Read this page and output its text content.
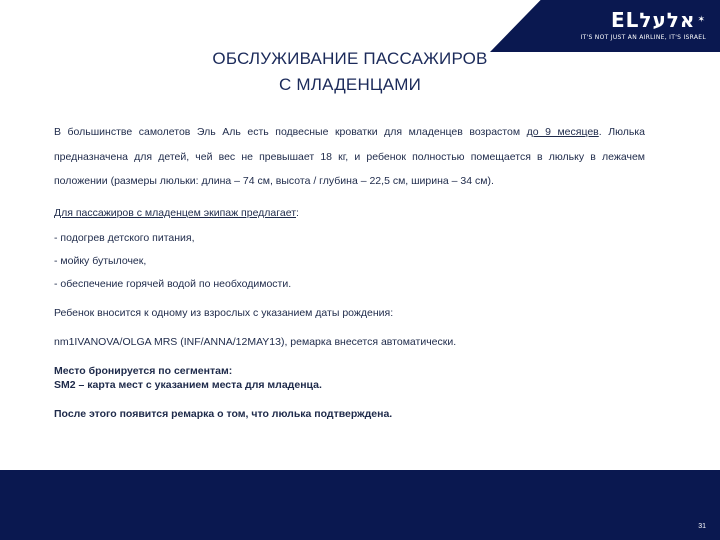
ELאלעל ✶
IT'S NOT JUST AN AIRLINE, IT'S ISRAEL
ОБСЛУЖИВАНИЕ ПАССАЖИРОВ
С МЛАДЕНЦАМИ

В большинстве самолетов Эль Аль есть подвесные кроватки для младенцев возрастом до 9 месяцев. Люлька предназначена для детей, чей вес не превышает 18 кг, и ребенок полностью помещается в люльку в лежачем положении (размеры люльки: длина – 74 см, высота / глубина – 22,5 см, ширина – 34 см).

Для пассажиров с младенцем экипаж предлагает:

- подогрев детского питания,

- мойку бутылочек,

- обеспечение горячей водой по необходимости.

Ребенок вносится к одному из взрослых с указанием даты рождения:

nm1IVANOVA/OLGA MRS (INF/ANNA/12MAY13), ремарка внесется автоматически.

Место бронируется по сегментам:

SM2 – карта мест с указанием места для младенца.

После этого появится ремарка о том, что люлька подтверждена.

31
